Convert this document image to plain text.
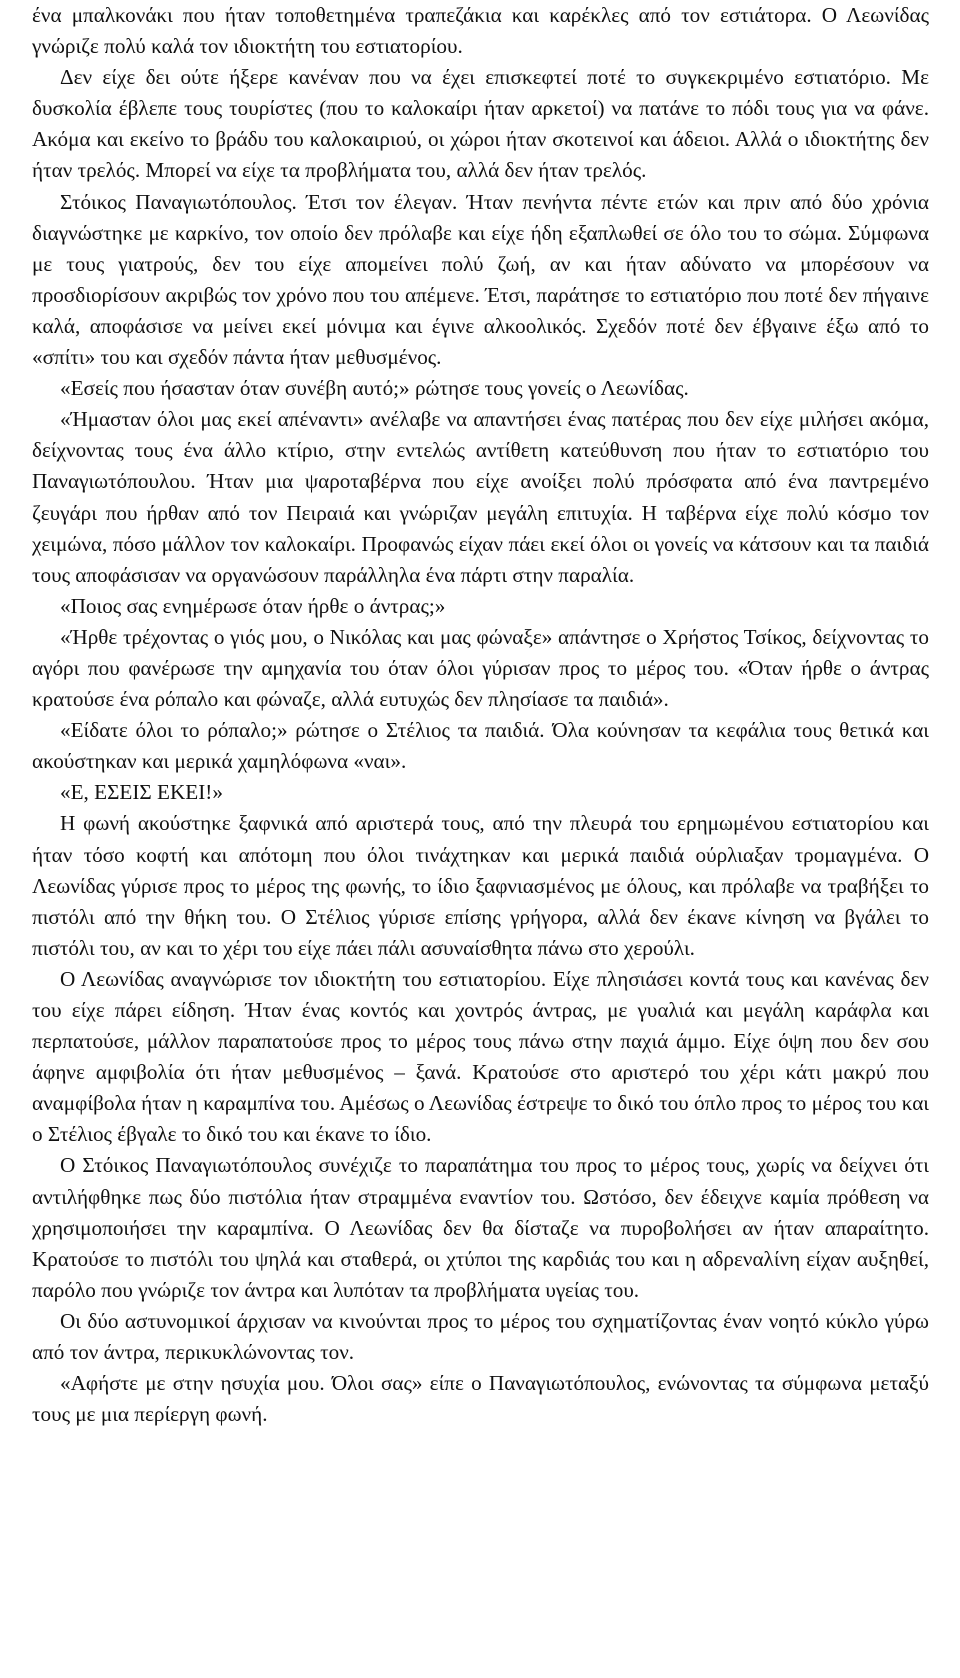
ένα μπαλκονάκι που ήταν τοποθετημένα τραπεζάκια και καρέκλες από τον εστιάτορα. Ο Λεωνίδας γνώριζε πολύ καλά τον ιδιοκτήτη του εστιατορίου.

Δεν είχε δει ούτε ήξερε κανέναν που να έχει επισκεφτεί ποτέ το συγκεκριμένο εστιατόριο. Με δυσκολία έβλεπε τους τουρίστες (που το καλοκαίρι ήταν αρκετοί) να πατάνε το πόδι τους για να φάνε. Ακόμα και εκείνο το βράδυ του καλοκαιριού, οι χώροι ήταν σκοτεινοί και άδειοι. Αλλά ο ιδιοκτήτης δεν ήταν τρελός. Μπορεί να είχε τα προβλήματα του, αλλά δεν ήταν τρελός.

Στόικος Παναγιωτόπουλος. Έτσι τον έλεγαν. Ήταν πενήντα πέντε ετών και πριν από δύο χρόνια διαγνώστηκε με καρκίνο, τον οποίο δεν πρόλαβε και είχε ήδη εξαπλωθεί σε όλο του το σώμα. Σύμφωνα με τους γιατρούς, δεν του είχε απομείνει πολύ ζωή, αν και ήταν αδύνατο να μπορέσουν να προσδιορίσουν ακριβώς τον χρόνο που του απέμενε. Έτσι, παράτησε το εστιατόριο που ποτέ δεν πήγαινε καλά, αποφάσισε να μείνει εκεί μόνιμα και έγινε αλκοολικός. Σχεδόν ποτέ δεν έβγαινε έξω από το «σπίτι» του και σχεδόν πάντα ήταν μεθυσμένος.

«Εσείς που ήσασταν όταν συνέβη αυτό;» ρώτησε τους γονείς ο Λεωνίδας.

«Ήμασταν όλοι μας εκεί απέναντι» ανέλαβε να απαντήσει ένας πατέρας που δεν είχε μιλήσει ακόμα, δείχνοντας τους ένα άλλο κτίριο, στην εντελώς αντίθετη κατεύθυνση που ήταν το εστιατόριο του Παναγιωτόπουλου. Ήταν μια ψαροταβέρνα που είχε ανοίξει πολύ πρόσφατα από ένα παντρεμένο ζευγάρι που ήρθαν από τον Πειραιά και γνώριζαν μεγάλη επιτυχία. Η ταβέρνα είχε πολύ κόσμο τον χειμώνα, πόσο μάλλον τον καλοκαίρι. Προφανώς είχαν πάει εκεί όλοι οι γονείς να κάτσουν και τα παιδιά τους αποφάσισαν να οργανώσουν παράλληλα ένα πάρτι στην παραλία.

«Ποιος σας ενημέρωσε όταν ήρθε ο άντρας;»

«Ήρθε τρέχοντας ο γιός μου, ο Νικόλας και μας φώναξε» απάντησε ο Χρήστος Τσίκος, δείχνοντας το αγόρι που φανέρωσε την αμηχανία του όταν όλοι γύρισαν προς το μέρος του. «Όταν ήρθε ο άντρας κρατούσε ένα ρόπαλο και φώναζε, αλλά ευτυχώς δεν πλησίασε τα παιδιά».

«Είδατε όλοι το ρόπαλο;» ρώτησε ο Στέλιος τα παιδιά. Όλα κούνησαν τα κεφάλια τους θετικά και ακούστηκαν και μερικά χαμηλόφωνα «ναι».

«Ε, ΕΣΕΙΣ ΕΚΕΙ!»

Η φωνή ακούστηκε ξαφνικά από αριστερά τους, από την πλευρά του ερημωμένου εστιατορίου και ήταν τόσο κοφτή και απότομη που όλοι τινάχτηκαν και μερικά παιδιά ούρλιαξαν τρομαγμένα. Ο Λεωνίδας γύρισε προς το μέρος της φωνής, το ίδιο ξαφνιασμένος με όλους, και πρόλαβε να τραβήξει το πιστόλι από την θήκη του. Ο Στέλιος γύρισε επίσης γρήγορα, αλλά δεν έκανε κίνηση να βγάλει το πιστόλι του, αν και το χέρι του είχε πάει πάλι ασυναίσθητα πάνω στο χερούλι.

Ο Λεωνίδας αναγνώρισε τον ιδιοκτήτη του εστιατορίου. Είχε πλησιάσει κοντά τους και κανένας δεν του είχε πάρει είδηση. Ήταν ένας κοντός και χοντρός άντρας, με γυαλιά και μεγάλη καράφλα και περπατούσε, μάλλον παραπατούσε προς το μέρος τους πάνω στην παχιά άμμο. Είχε όψη που δεν σου άφηνε αμφιβολία ότι ήταν μεθυσμένος – ξανά. Κρατούσε στο αριστερό του χέρι κάτι μακρύ που αναμφίβολα ήταν η καραμπίνα του. Αμέσως ο Λεωνίδας έστρεψε το δικό του όπλο προς το μέρος του και ο Στέλιος έβγαλε το δικό του και έκανε το ίδιο.

Ο Στόικος Παναγιωτόπουλος συνέχιζε το παραπάτημα του προς το μέρος τους, χωρίς να δείχνει ότι αντιλήφθηκε πως δύο πιστόλια ήταν στραμμένα εναντίον του. Ωστόσο, δεν έδειχνε καμία πρόθεση να χρησιμοποιήσει την καραμπίνα. Ο Λεωνίδας δεν θα δίσταζε να πυροβολήσει αν ήταν απαραίτητο. Κρατούσε το πιστόλι του ψηλά και σταθερά, οι χτύποι της καρδιάς του και η αδρεναλίνη είχαν αυξηθεί, παρόλο που γνώριζε τον άντρα και λυπόταν τα προβλήματα υγείας του.

Οι δύο αστυνομικοί άρχισαν να κινούνται προς το μέρος του σχηματίζοντας έναν νοητό κύκλο γύρω από τον άντρα, περικυκλώνοντας τον.

«Αφήστε με στην ησυχία μου. Όλοι σας» είπε ο Παναγιωτόπουλος, ενώνοντας τα σύμφωνα μεταξύ τους με μια περίεργη φωνή.
